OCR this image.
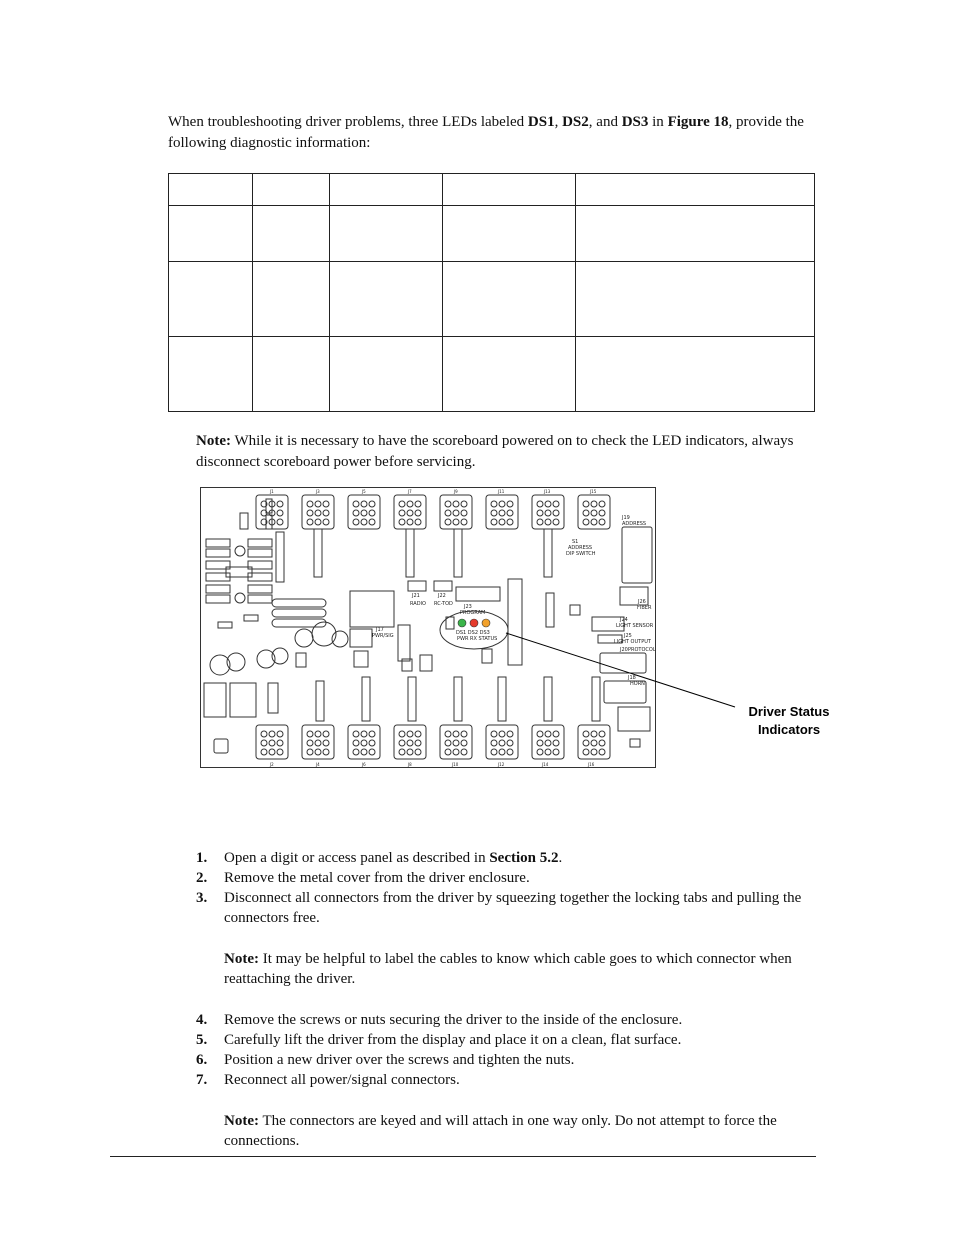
When troubleshooting driver problems, three LEDs labeled DS1, DS2, and DS3 in Figure 18, provide the following diagnostic information:

Note: While it is necessary to have the scoreboard powered on to check the LED indicators, always disconnect scoreboard power before servicing.
J19
ADDRESS
S1
ADDRESS
DIP SWITCH
J21
RADIO
J22
RC-TOD J23
PROGRAM
DS1 DS2 DS3
PWR RX STATUS
J17
PWR/SIG
J26
FIBER
J24
LIGHT SENSOR
J25
LIGHT OUTPUT
J20 PROTOCOL
J18
HORN
J1	J3	J5	J7	J9	J11	J13	J15
J2	J4	J6	J8	J10	J12	J14	J16
Driver Status
Indicators
1. Open a digit or access panel as described in Section 5.2.
2. Remove the metal cover from the driver enclosure.
3. Disconnect all connectors from the driver by squeezing together the locking tabs and pulling the connectors free.
Note: It may be helpful to label the cables to know which cable goes to which connector when reattaching the driver.
4. Remove the screws or nuts securing the driver to the inside of the enclosure.
5. Carefully lift the driver from the display and place it on a clean, flat surface.
6. Position a new driver over the screws and tighten the nuts.
7. Reconnect all power/signal connectors.
Note: The connectors are keyed and will attach in one way only. Do not attempt to force the connections.
